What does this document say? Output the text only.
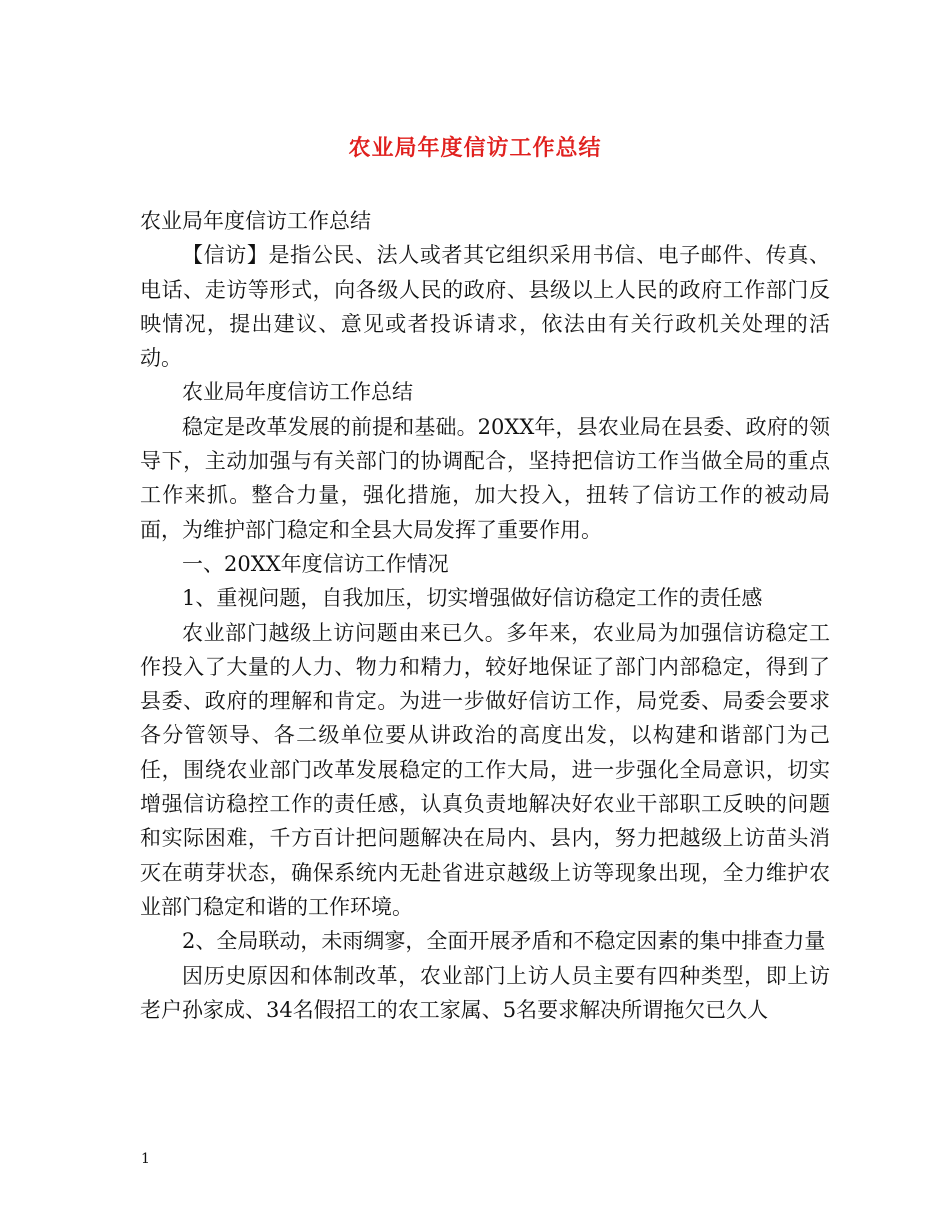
农业局年度信访工作总结

农业局年度信访工作总结

【信访】是指公民、法人或者其它组织采用书信、电子邮件、传真、电话、走访等形式，向各级人民的政府、县级以上人民的政府工作部门反映情况，提出建议、意见或者投诉请求，依法由有关行政机关处理的活动。

农业局年度信访工作总结

稳定是改革发展的前提和基础。20XX年，县农业局在县委、政府的领导下，主动加强与有关部门的协调配合，坚持把信访工作当做全局的重点工作来抓。整合力量，强化措施，加大投入，扭转了信访工作的被动局面，为维护部门稳定和全县大局发挥了重要作用。

一、20XX年度信访工作情况

1、重视问题，自我加压，切实增强做好信访稳定工作的责任感

农业部门越级上访问题由来已久。多年来，农业局为加强信访稳定工作投入了大量的人力、物力和精力，较好地保证了部门内部稳定，得到了县委、政府的理解和肯定。为进一步做好信访工作，局党委、局委会要求各分管领导、各二级单位要从讲政治的高度出发，以构建和谐部门为己任，围绕农业部门改革发展稳定的工作大局，进一步强化全局意识，切实增强信访稳控工作的责任感，认真负责地解决好农业干部职工反映的问题和实际困难，千方百计把问题解决在局内、县内，努力把越级上访苗头消灭在萌芽状态，确保系统内无赴省进京越级上访等现象出现，全力维护农业部门稳定和谐的工作环境。

2、全局联动，未雨绸寥，全面开展矛盾和不稳定因素的集中排查力量

因历史原因和体制改革，农业部门上访人员主要有四种类型，即上访老户孙家成、34名假招工的农工家属、5名要求解决所谓拖欠已久人

1
